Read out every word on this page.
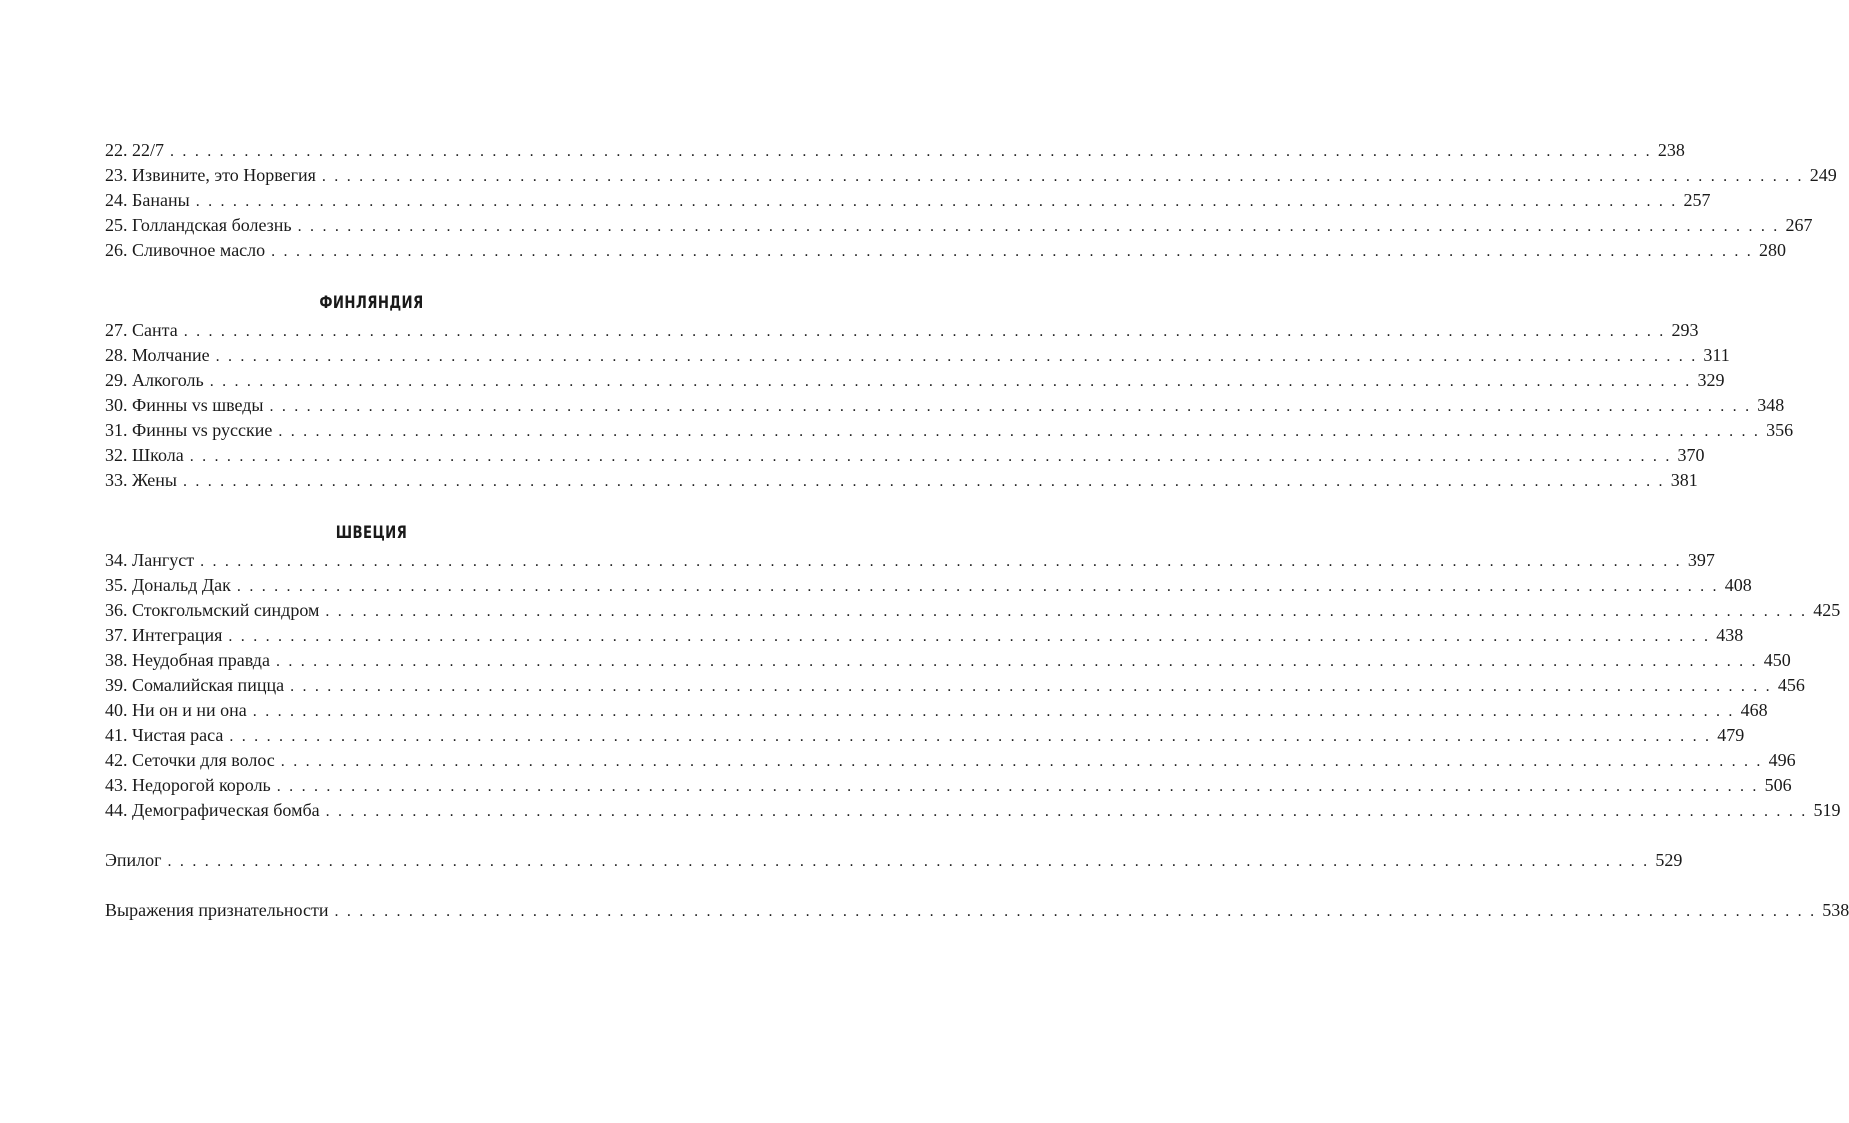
22. 22/7 . . . . . . . . . . . . . . . . . . . . . . . . . . . . . . . . . . . . . . . . . . . . . . . . . . . . . . . . . . . . . . . . . . . . . . . . . . . . . . . . . . . . . . . . . . . . . . . . . . . . . . . . . . . . . . . . . . . . . . . . 238
23. Извините, это Норвегия . . . . . . . . . . . . . . . . . . . . . . . . . . . . . . . . . . . . . . . . . . . . . . . . . . . . . . . . . . . . . . . . . . . . . . . . . . . . . . . . . . . . . . . . . . . . . . . . . . . . . . . . . . . . . . . . . . . . . . . . 249
24. Бананы . . . . . . . . . . . . . . . . . . . . . . . . . . . . . . . . . . . . . . . . . . . . . . . . . . . . . . . . . . . . . . . . . . . . . . . . . . . . . . . . . . . . . . . . . . . . . . . . . . . . . . . . . . . . . . . . . . . . . . . . 257
25. Голландская болезнь . . . . . . . . . . . . . . . . . . . . . . . . . . . . . . . . . . . . . . . . . . . . . . . . . . . . . . . . . . . . . . . . . . . . . . . . . . . . . . . . . . . . . . . . . . . . . . . . . . . . . . . . . . . . . . . . . . . . . . . . 267
26. Сливочное масло . . . . . . . . . . . . . . . . . . . . . . . . . . . . . . . . . . . . . . . . . . . . . . . . . . . . . . . . . . . . . . . . . . . . . . . . . . . . . . . . . . . . . . . . . . . . . . . . . . . . . . . . . . . . . . . . . . . . . . . . 280
ФИНЛЯНДИЯ
27. Санта . . . . . . . . . . . . . . . . . . . . . . . . . . . . . . . . . . . . . . . . . . . . . . . . . . . . . . . . . . . . . . . . . . . . . . . . . . . . . . . . . . . . . . . . . . . . . . . . . . . . . . . . . . . . . . . . . . . . . . . . 293
28. Молчание . . . . . . . . . . . . . . . . . . . . . . . . . . . . . . . . . . . . . . . . . . . . . . . . . . . . . . . . . . . . . . . . . . . . . . . . . . . . . . . . . . . . . . . . . . . . . . . . . . . . . . . . . . . . . . . . . . . . . . . . 311
29. Алкоголь . . . . . . . . . . . . . . . . . . . . . . . . . . . . . . . . . . . . . . . . . . . . . . . . . . . . . . . . . . . . . . . . . . . . . . . . . . . . . . . . . . . . . . . . . . . . . . . . . . . . . . . . . . . . . . . . . . . . . . . . 329
30. Финны vs шведы . . . . . . . . . . . . . . . . . . . . . . . . . . . . . . . . . . . . . . . . . . . . . . . . . . . . . . . . . . . . . . . . . . . . . . . . . . . . . . . . . . . . . . . . . . . . . . . . . . . . . . . . . . . . . . . . . . . . . . . . 348
31. Финны vs русские . . . . . . . . . . . . . . . . . . . . . . . . . . . . . . . . . . . . . . . . . . . . . . . . . . . . . . . . . . . . . . . . . . . . . . . . . . . . . . . . . . . . . . . . . . . . . . . . . . . . . . . . . . . . . . . . . . . . . . . . 356
32. Школа . . . . . . . . . . . . . . . . . . . . . . . . . . . . . . . . . . . . . . . . . . . . . . . . . . . . . . . . . . . . . . . . . . . . . . . . . . . . . . . . . . . . . . . . . . . . . . . . . . . . . . . . . . . . . . . . . . . . . . . . 370
33. Жены . . . . . . . . . . . . . . . . . . . . . . . . . . . . . . . . . . . . . . . . . . . . . . . . . . . . . . . . . . . . . . . . . . . . . . . . . . . . . . . . . . . . . . . . . . . . . . . . . . . . . . . . . . . . . . . . . . . . . . . . 381
ШВЕЦИЯ
34. Лангуст . . . . . . . . . . . . . . . . . . . . . . . . . . . . . . . . . . . . . . . . . . . . . . . . . . . . . . . . . . . . . . . . . . . . . . . . . . . . . . . . . . . . . . . . . . . . . . . . . . . . . . . . . . . . . . . . . . . . . . . . 397
35. Дональд Дак . . . . . . . . . . . . . . . . . . . . . . . . . . . . . . . . . . . . . . . . . . . . . . . . . . . . . . . . . . . . . . . . . . . . . . . . . . . . . . . . . . . . . . . . . . . . . . . . . . . . . . . . . . . . . . . . . . . . . . . . 408
36. Стокгольмский синдром . . . . . . . . . . . . . . . . . . . . . . . . . . . . . . . . . . . . . . . . . . . . . . . . . . . . . . . . . . . . . . . . . . . . . . . . . . . . . . . . . . . . . . . . . . . . . . . . . . . . . . . . . . . . . . . . . . . . . . . . 425
37. Интеграция . . . . . . . . . . . . . . . . . . . . . . . . . . . . . . . . . . . . . . . . . . . . . . . . . . . . . . . . . . . . . . . . . . . . . . . . . . . . . . . . . . . . . . . . . . . . . . . . . . . . . . . . . . . . . . . . . . . . . . . . 438
38. Неудобная правда . . . . . . . . . . . . . . . . . . . . . . . . . . . . . . . . . . . . . . . . . . . . . . . . . . . . . . . . . . . . . . . . . . . . . . . . . . . . . . . . . . . . . . . . . . . . . . . . . . . . . . . . . . . . . . . . . . . . . . . . 450
39. Сомалийская пицца . . . . . . . . . . . . . . . . . . . . . . . . . . . . . . . . . . . . . . . . . . . . . . . . . . . . . . . . . . . . . . . . . . . . . . . . . . . . . . . . . . . . . . . . . . . . . . . . . . . . . . . . . . . . . . . . . . . . . . . . 456
40. Ни он и ни она . . . . . . . . . . . . . . . . . . . . . . . . . . . . . . . . . . . . . . . . . . . . . . . . . . . . . . . . . . . . . . . . . . . . . . . . . . . . . . . . . . . . . . . . . . . . . . . . . . . . . . . . . . . . . . . . . . . . . . . . 468
41. Чистая раса . . . . . . . . . . . . . . . . . . . . . . . . . . . . . . . . . . . . . . . . . . . . . . . . . . . . . . . . . . . . . . . . . . . . . . . . . . . . . . . . . . . . . . . . . . . . . . . . . . . . . . . . . . . . . . . . . . . . . . . . 479
42. Сеточки для волос . . . . . . . . . . . . . . . . . . . . . . . . . . . . . . . . . . . . . . . . . . . . . . . . . . . . . . . . . . . . . . . . . . . . . . . . . . . . . . . . . . . . . . . . . . . . . . . . . . . . . . . . . . . . . . . . . . . . . . . . 496
43. Недорогой король . . . . . . . . . . . . . . . . . . . . . . . . . . . . . . . . . . . . . . . . . . . . . . . . . . . . . . . . . . . . . . . . . . . . . . . . . . . . . . . . . . . . . . . . . . . . . . . . . . . . . . . . . . . . . . . . . . . . . . . . 506
44. Демографическая бомба . . . . . . . . . . . . . . . . . . . . . . . . . . . . . . . . . . . . . . . . . . . . . . . . . . . . . . . . . . . . . . . . . . . . . . . . . . . . . . . . . . . . . . . . . . . . . . . . . . . . . . . . . . . . . . . . . . . . . . . . 519
Эпилог . . . . . . . . . . . . . . . . . . . . . . . . . . . . . . . . . . . . . . . . . . . . . . . . . . . . . . . . . . . . . . . . . . . . . . . . . . . . . . . . . . . . . . . . . . . . . . . . . . . . . . . . . . . . . . . . . . . . . . . . 529
Выражения признательности . . . . . . . . . . . . . . . . . . . . . . . . . . . . . . . . . . . . . . . . . . . . . . . . . . . . . . . . . . . . . . . . . . . . . . . . . . . . . . . . . . . . . . . . . . . . . . . . . . . . . . . . . . . . . . . . . . . . . . . . 538
